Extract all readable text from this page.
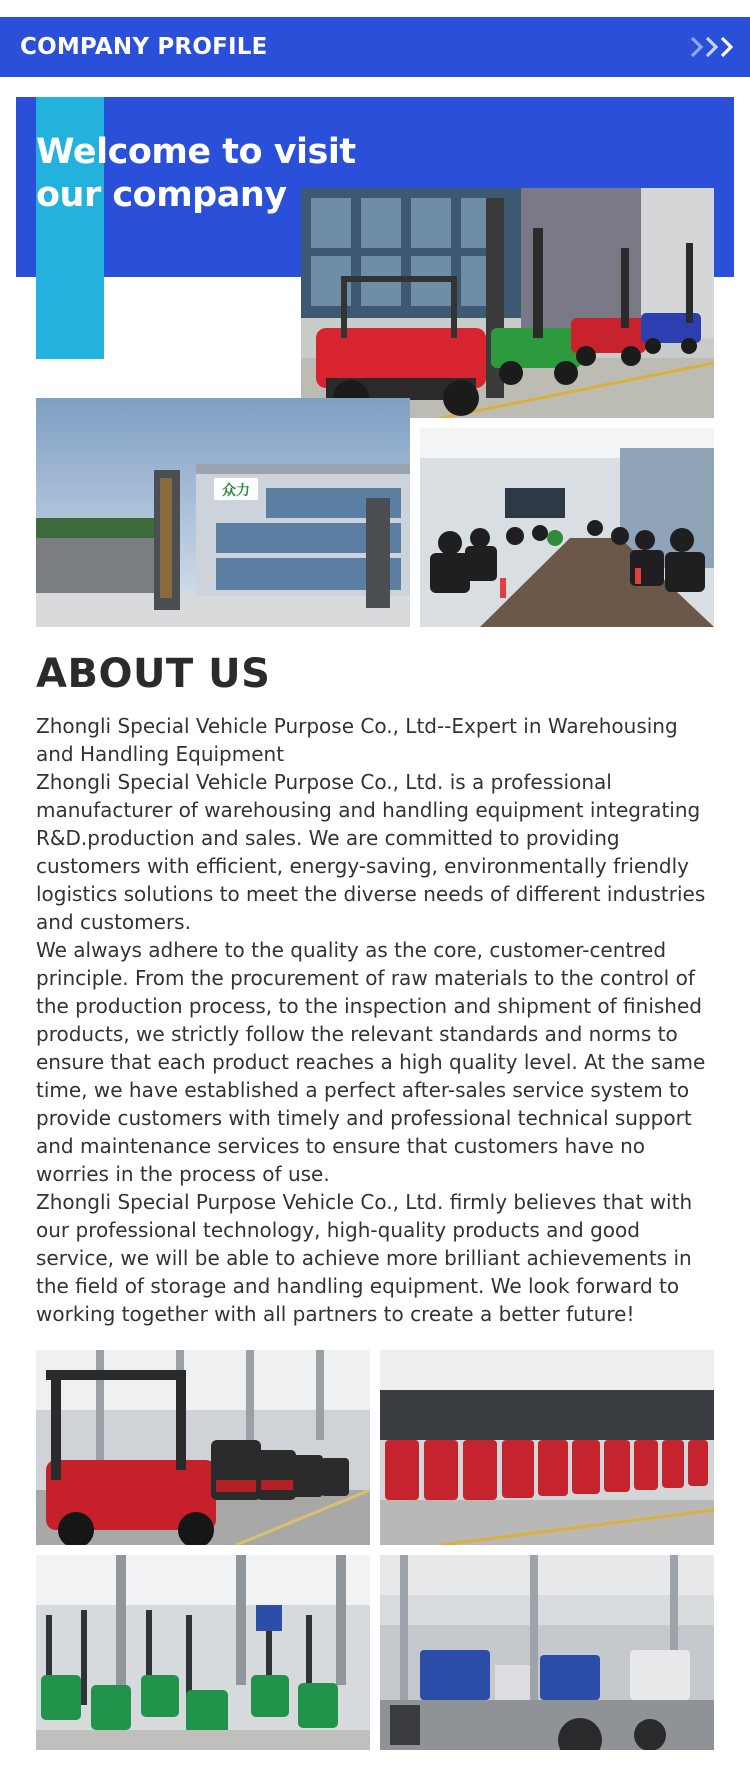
COMPANY PROFILE
Welcome to visit
our company
众力
ABOUT US

Zhongli Special Vehicle Purpose Co., Ltd--Expert in Warehousing and Handling Equipment

Zhongli Special Vehicle Purpose Co., Ltd. is a professional manufacturer of warehousing and handling equipment integrating R&D.production and sales. We are committed to providing customers with efficient, energy-saving, environmentally friendly logistics solutions to meet the diverse needs of different industries and customers.

We always adhere to the quality as the core, customer-centred principle. From the procurement of raw materials to the control of the production process, to the inspection and shipment of finished products, we strictly follow the relevant standards and norms to ensure that each product reaches a high quality level. At the same time, we have established a perfect after-sales service system to provide customers with timely and professional technical support and maintenance services to ensure that customers have no worries in the process of use.

Zhongli Special Purpose Vehicle Co., Ltd. firmly believes that with our professional technology, high-quality products and good service, we will be able to achieve more brilliant achievements in the field of storage and handling equipment. We look forward to working together with all partners to create a better future!
